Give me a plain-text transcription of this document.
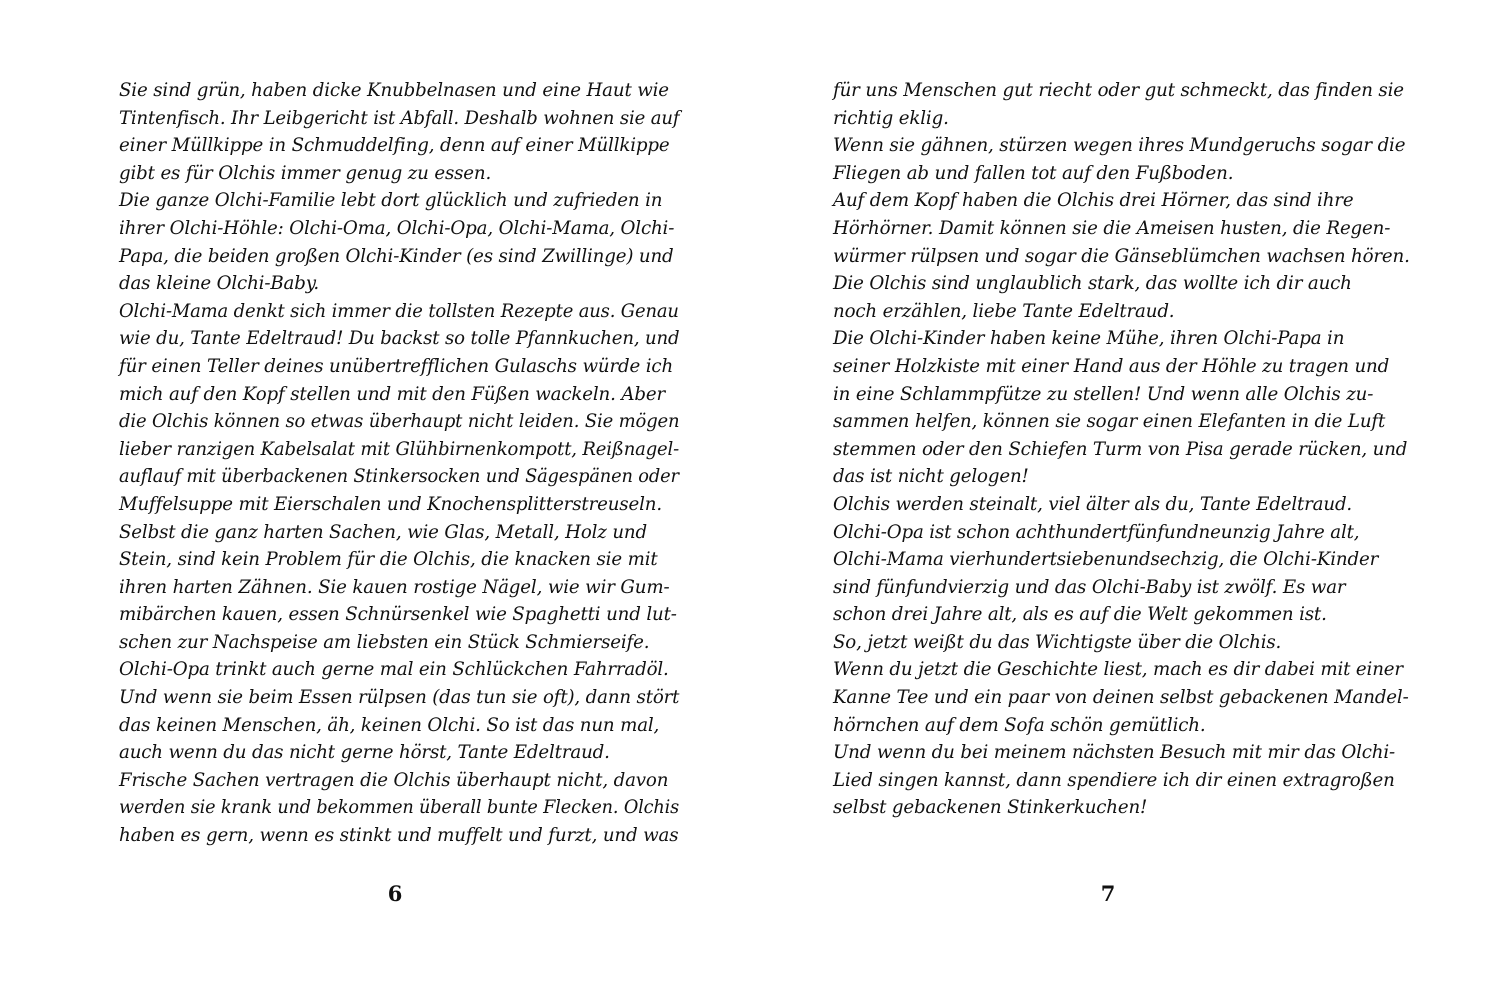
Sie sind grün, haben dicke Knubbelnasen und eine Haut wie
Tintenfisch. Ihr Leibgericht ist Abfall. Deshalb wohnen sie auf
einer Müllkippe in Schmuddelfing, denn auf einer Müllkippe
gibt es für Olchis immer genug zu essen.
Die ganze Olchi-Familie lebt dort glücklich und zufrieden in
ihrer Olchi-Höhle: Olchi-Oma, Olchi-Opa, Olchi-Mama, Olchi-
Papa, die beiden großen Olchi-Kinder (es sind Zwillinge) und
das kleine Olchi-Baby.
Olchi-Mama denkt sich immer die tollsten Rezepte aus. Genau
wie du, Tante Edeltraud! Du backst so tolle Pfannkuchen, und
für einen Teller deines unübertrefflichen Gulaschs würde ich
mich auf den Kopf stellen und mit den Füßen wackeln. Aber
die Olchis können so etwas überhaupt nicht leiden. Sie mögen
lieber ranzigen Kabelsalat mit Glühbirnenkompott, Reißnagel-
auflauf mit überbackenen Stinkersocken und Sägespänen oder
Muffelsuppe mit Eierschalen und Knochensplitterstreuseln.
Selbst die ganz harten Sachen, wie Glas, Metall, Holz und
Stein, sind kein Problem für die Olchis, die knacken sie mit
ihren harten Zähnen. Sie kauen rostige Nägel, wie wir Gum-
mibärchen kauen, essen Schnürsenkel wie Spaghetti und lut-
schen zur Nachspeise am liebsten ein Stück Schmierseife.
Olchi-Opa trinkt auch gerne mal ein Schlückchen Fahrradöl.
Und wenn sie beim Essen rülpsen (das tun sie oft), dann stört
das keinen Menschen, äh, keinen Olchi. So ist das nun mal,
auch wenn du das nicht gerne hörst, Tante Edeltraud.
Frische Sachen vertragen die Olchis überhaupt nicht, davon
werden sie krank und bekommen überall bunte Flecken. Olchis
haben es gern, wenn es stinkt und muffelt und furzt, und was
6
für uns Menschen gut riecht oder gut schmeckt, das finden sie
richtig eklig.
Wenn sie gähnen, stürzen wegen ihres Mundgeruchs sogar die
Fliegen ab und fallen tot auf den Fußboden.
Auf dem Kopf haben die Olchis drei Hörner, das sind ihre
Hörhörner. Damit können sie die Ameisen husten, die Regen-
würmer rülpsen und sogar die Gänseblümchen wachsen hören.
Die Olchis sind unglaublich stark, das wollte ich dir auch
noch erzählen, liebe Tante Edeltraud.
Die Olchi-Kinder haben keine Mühe, ihren Olchi-Papa in
seiner Holzkiste mit einer Hand aus der Höhle zu tragen und
in eine Schlammpfütze zu stellen! Und wenn alle Olchis zu-
sammen helfen, können sie sogar einen Elefanten in die Luft
stemmen oder den Schiefen Turm von Pisa gerade rücken, und
das ist nicht gelogen!
Olchis werden steinalt, viel älter als du, Tante Edeltraud.
Olchi-Opa ist schon achthundertfünfundneunzig Jahre alt,
Olchi-Mama vierhundertsiebenundsechzig, die Olchi-Kinder
sind fünfundvierzig und das Olchi-Baby ist zwölf. Es war
schon drei Jahre alt, als es auf die Welt gekommen ist.
So, jetzt weißt du das Wichtigste über die Olchis.
Wenn du jetzt die Geschichte liest, mach es dir dabei mit einer
Kanne Tee und ein paar von deinen selbst gebackenen Mandel-
hörnchen auf dem Sofa schön gemütlich.
Und wenn du bei meinem nächsten Besuch mit mir das Olchi-
Lied singen kannst, dann spendiere ich dir einen extragroßen
selbst gebackenen Stinkerkuchen!
7
